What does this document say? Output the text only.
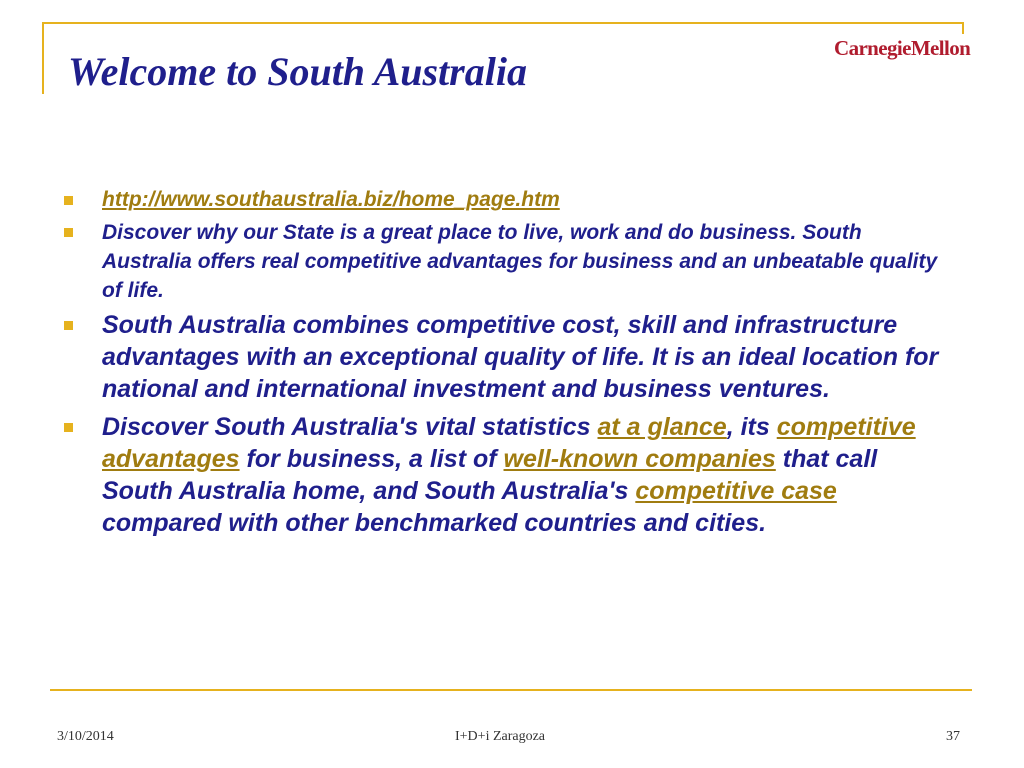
Welcome to South Australia
CarnegieMellon
http://www.southaustralia.biz/home_page.htm
Discover why our State is a great place to live, work and do business. South Australia offers real competitive advantages for business and an unbeatable quality of life.
South Australia combines competitive cost, skill and infrastructure advantages with an exceptional quality of life. It is an ideal location for national and international investment and business ventures.
Discover South Australia's vital statistics at a glance, its competitive advantages for business, a list of well-known companies that call South Australia home, and South Australia's competitive case compared with other benchmarked countries and cities.
3/10/2014	I+D+i Zaragoza	37
